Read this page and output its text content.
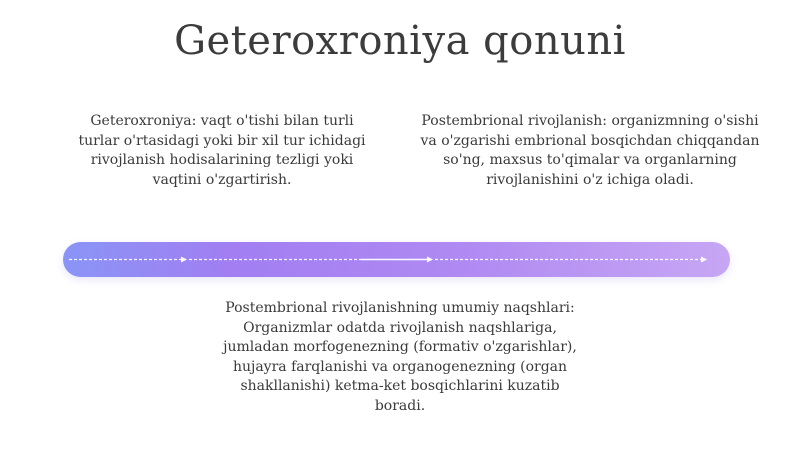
Geteroxroniya qonuni

Geteroxroniya: vaqt o'tishi bilan turli turlar o'rtasidagi yoki bir xil tur ichidagi rivojlanish hodisalarining tezligi yoki vaqtini o'zgartirish.

Postembrional rivojlanish: organizmning o'sishi va o'zgarishi embrional bosqichdan chiqqandan so'ng, maxsus to'qimalar va organlarning rivojlanishini o'z ichiga oladi.

Postembrional rivojlanishning umumiy naqshlari: Organizmlar odatda rivojlanish naqshlariga, jumladan morfogenezning (formativ o'zgarishlar), hujayra farqlanishi va organogenezning (organ shakllanishi) ketma-ket bosqichlarini kuzatib boradi.
